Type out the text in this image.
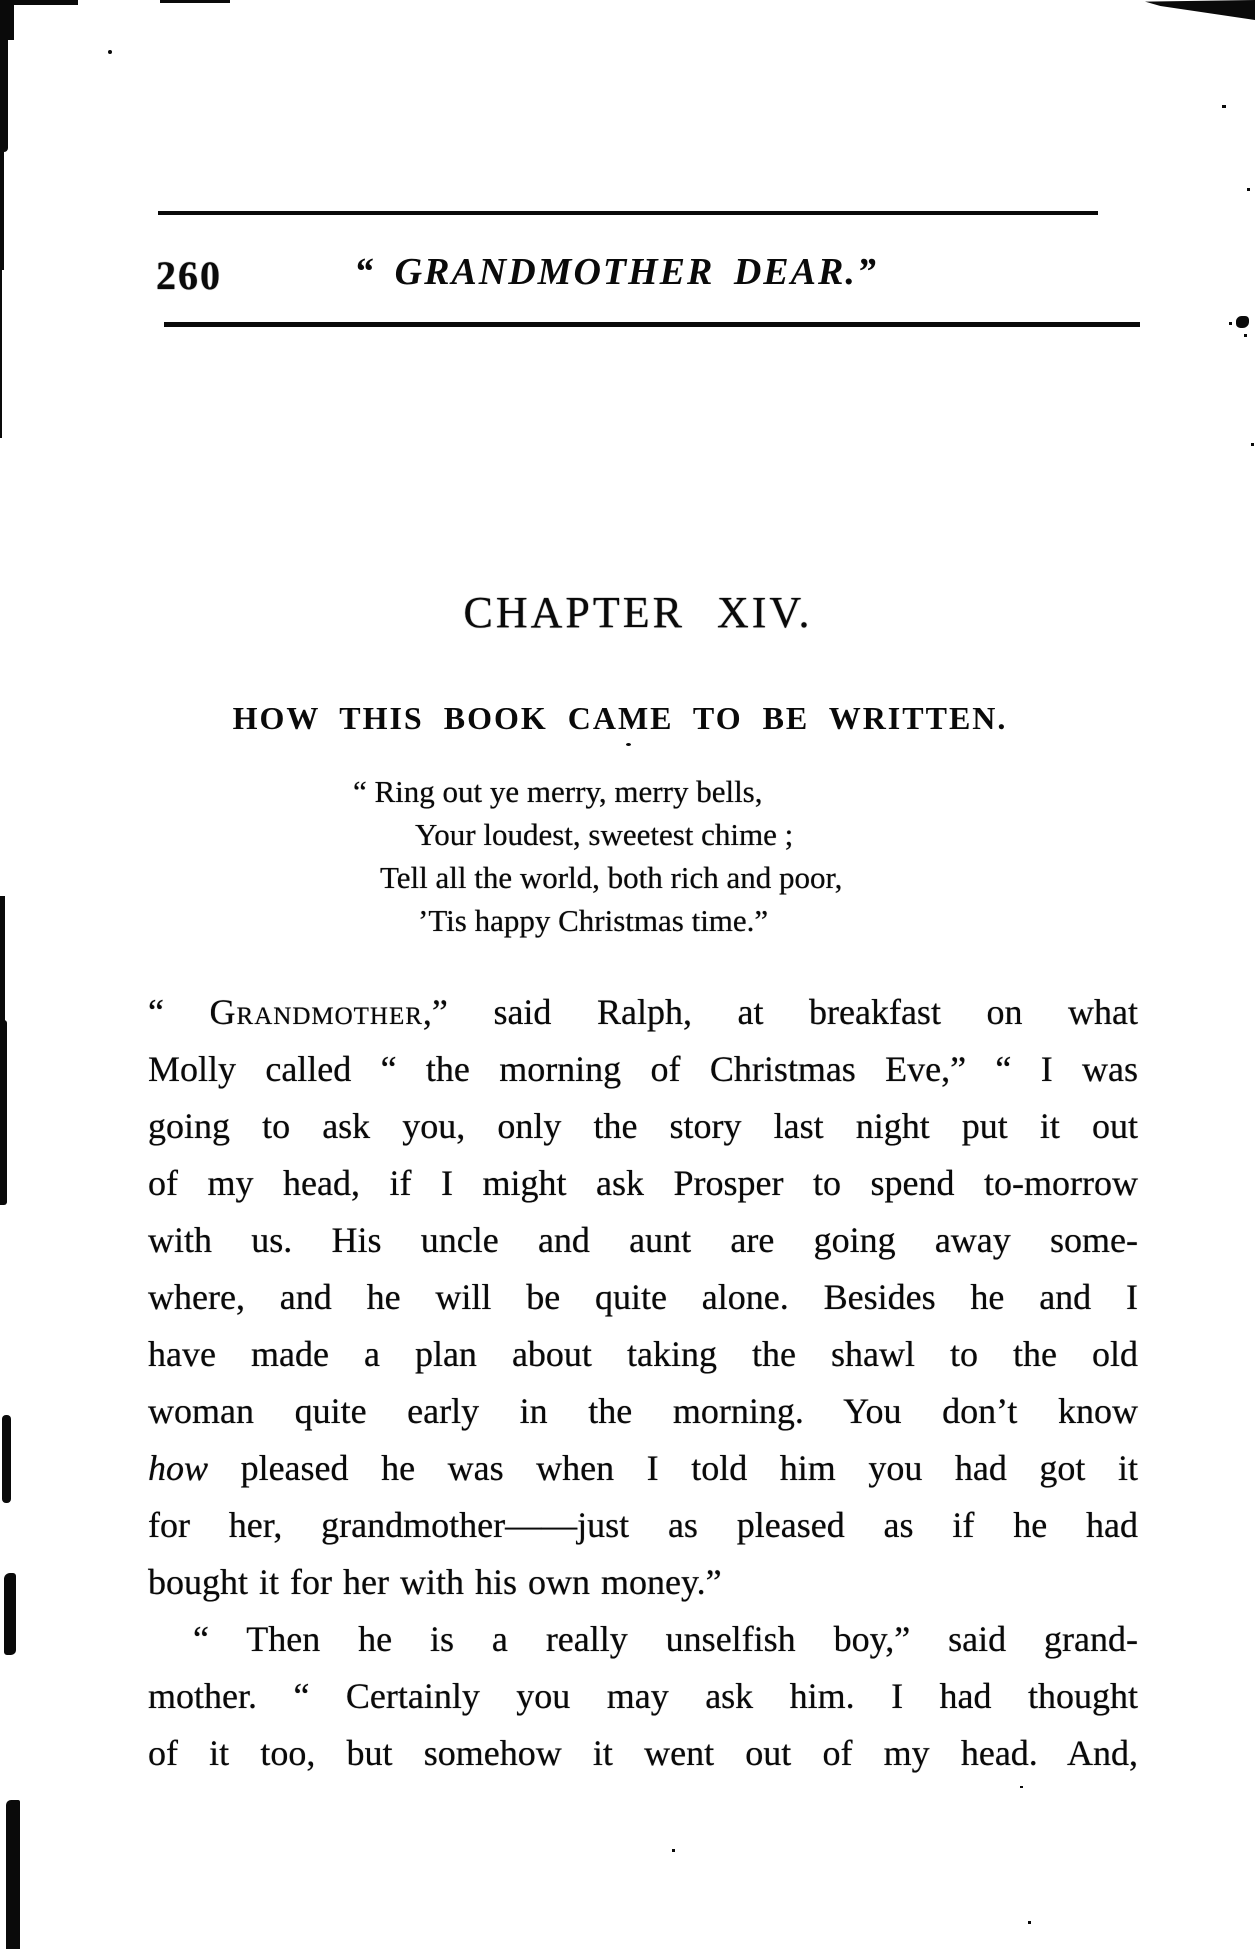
260	“ GRANDMOTHER DEAR.”
CHAPTER XIV.
HOW THIS BOOK CAME TO BE WRITTEN.
“ Ring out ye merry, merry bells,
Your loudest, sweetest chime ;
Tell all the world, both rich and poor,
’Tis happy Christmas time.”
“ Grandmother,” said Ralph, at breakfast on what
Molly called “ the morning of Christmas Eve,” “ I was
going to ask you, only the story last night put it out
of my head, if I might ask Prosper to spend to-morrow
with us. His uncle and aunt are going away some-
where, and he will be quite alone. Besides he and I
have made a plan about taking the shawl to the old
woman quite early in the morning. You don’t know
how pleased he was when I told him you had got it
for her, grandmother——just as pleased as if he had
bought it for her with his own money.”
“ Then he is a really unselfish boy,” said grand-
mother. “ Certainly you may ask him. I had thought
of it too, but somehow it went out of my head. And,
